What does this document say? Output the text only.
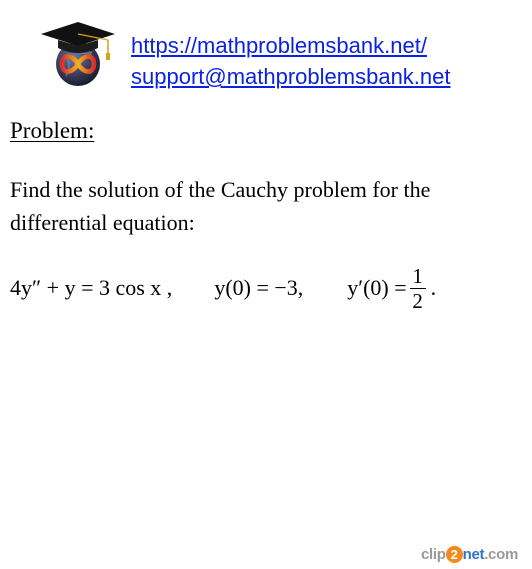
https://mathproblemsbank.net/
support@mathproblemsbank.net
Problem:
Find the solution of the Cauchy problem for the differential equation:
4y″ + y = 3 cos x , y(0) = −3, $y'(0) = \frac{1}{2}$ .
clip 2 net.com
